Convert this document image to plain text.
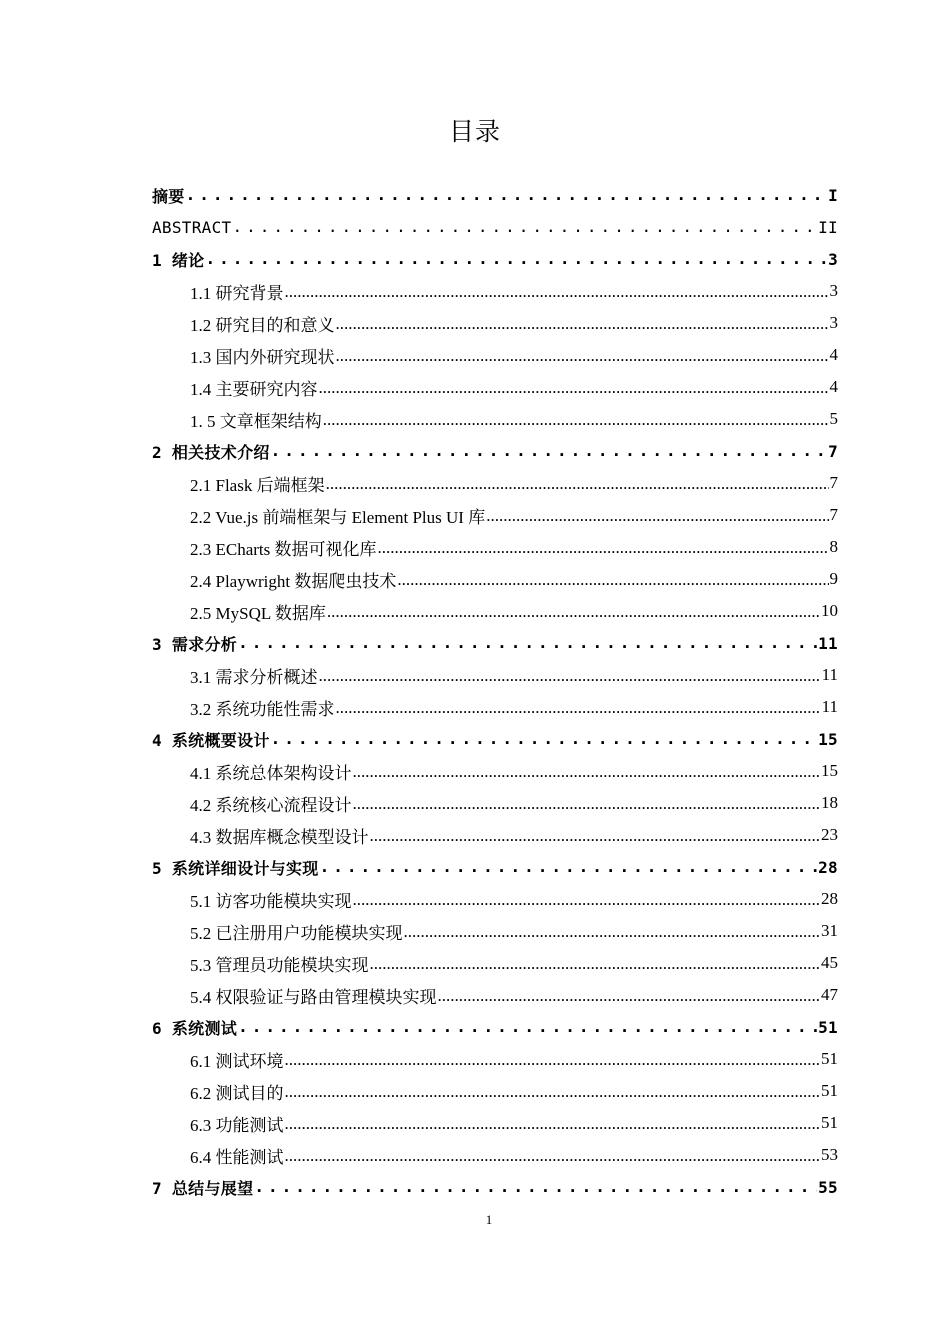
目录
摘要 .....	I
ABSTRACT .....	II
1 绪论 .....	3
1.1 研究背景 .....	3
1.2 研究目的和意义 .....	3
1.3 国内外研究现状 .....	4
1.4 主要研究内容 .....	4
1. 5 文章框架结构 .....	5
2 相关技术介绍 .....	7
2.1 Flask 后端框架 .....	7
2.2 Vue.js 前端框架与 Element Plus UI 库 .....	7
2.3 ECharts 数据可视化库 .....	8
2.4 Playwright 数据爬虫技术 .....	9
2.5 MySQL 数据库 .....	10
3 需求分析 .....	11
3.1 需求分析概述 .....	11
3.2 系统功能性需求 .....	11
4 系统概要设计 .....	15
4.1 系统总体架构设计 .....	15
4.2 系统核心流程设计 .....	18
4.3 数据库概念模型设计 .....	23
5 系统详细设计与实现 .....	28
5.1 访客功能模块实现 .....	28
5.2 已注册用户功能模块实现 .....	31
5.3 管理员功能模块实现 .....	45
5.4 权限验证与路由管理模块实现 .....	47
6 系统测试 .....	51
6.1 测试环境 .....	51
6.2 测试目的 .....	51
6.3 功能测试 .....	51
6.4 性能测试 .....	53
7 总结与展望 .....	55
1
